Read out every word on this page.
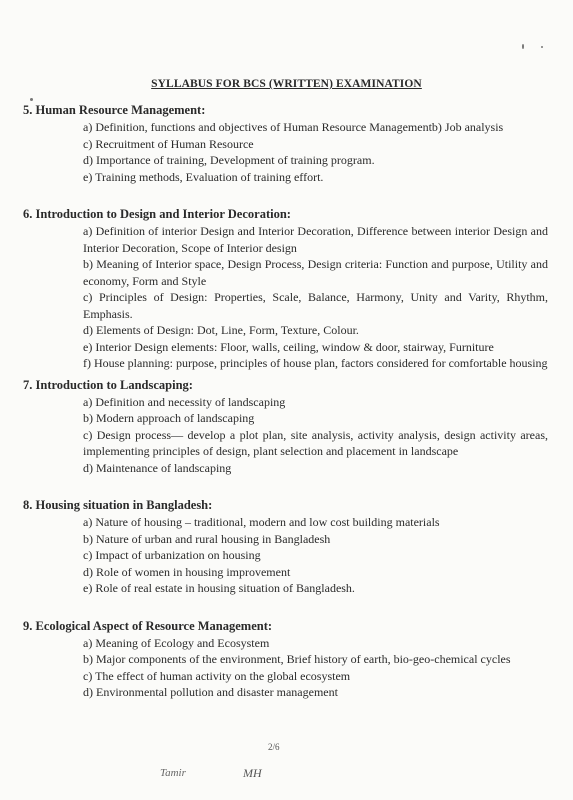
SYLLABUS FOR BCS (WRITTEN) EXAMINATION
5. Human Resource Management:
a) Definition, functions and objectives of Human Resource Managementb) Job analysis
c) Recruitment of Human Resource
d) Importance of training, Development of training program.
e) Training methods, Evaluation of training effort.
6. Introduction to Design and Interior Decoration:
a) Definition of interior Design and Interior Decoration, Difference between interior Design and Interior Decoration, Scope of Interior design
b) Meaning of Interior space, Design Process, Design criteria: Function and purpose, Utility and economy, Form and Style
c) Principles of Design: Properties, Scale, Balance, Harmony, Unity and Varity, Rhythm, Emphasis.
d) Elements of Design: Dot, Line, Form, Texture, Colour.
e) Interior Design elements: Floor, walls, ceiling, window & door, stairway, Furniture
f) House planning: purpose, principles of house plan, factors considered for comfortable housing
7. Introduction to Landscaping:
a) Definition and necessity of landscaping
b) Modern approach of landscaping
c) Design process— develop a plot plan, site analysis, activity analysis, design activity areas, implementing principles of design, plant selection and placement in landscape
d) Maintenance of landscaping
8. Housing situation in Bangladesh:
a) Nature of housing – traditional, modern and low cost building materials
b) Nature of urban and rural housing in Bangladesh
c) Impact of urbanization on housing
d) Role of women in housing improvement
e) Role of real estate in housing situation of Bangladesh.
9. Ecological Aspect of Resource Management:
a) Meaning of Ecology and Ecosystem
b) Major components of the environment, Brief history of earth, bio-geo-chemical cycles
c) The effect of human activity on the global ecosystem
d) Environmental pollution and disaster management
2/6
Tamir	MH
